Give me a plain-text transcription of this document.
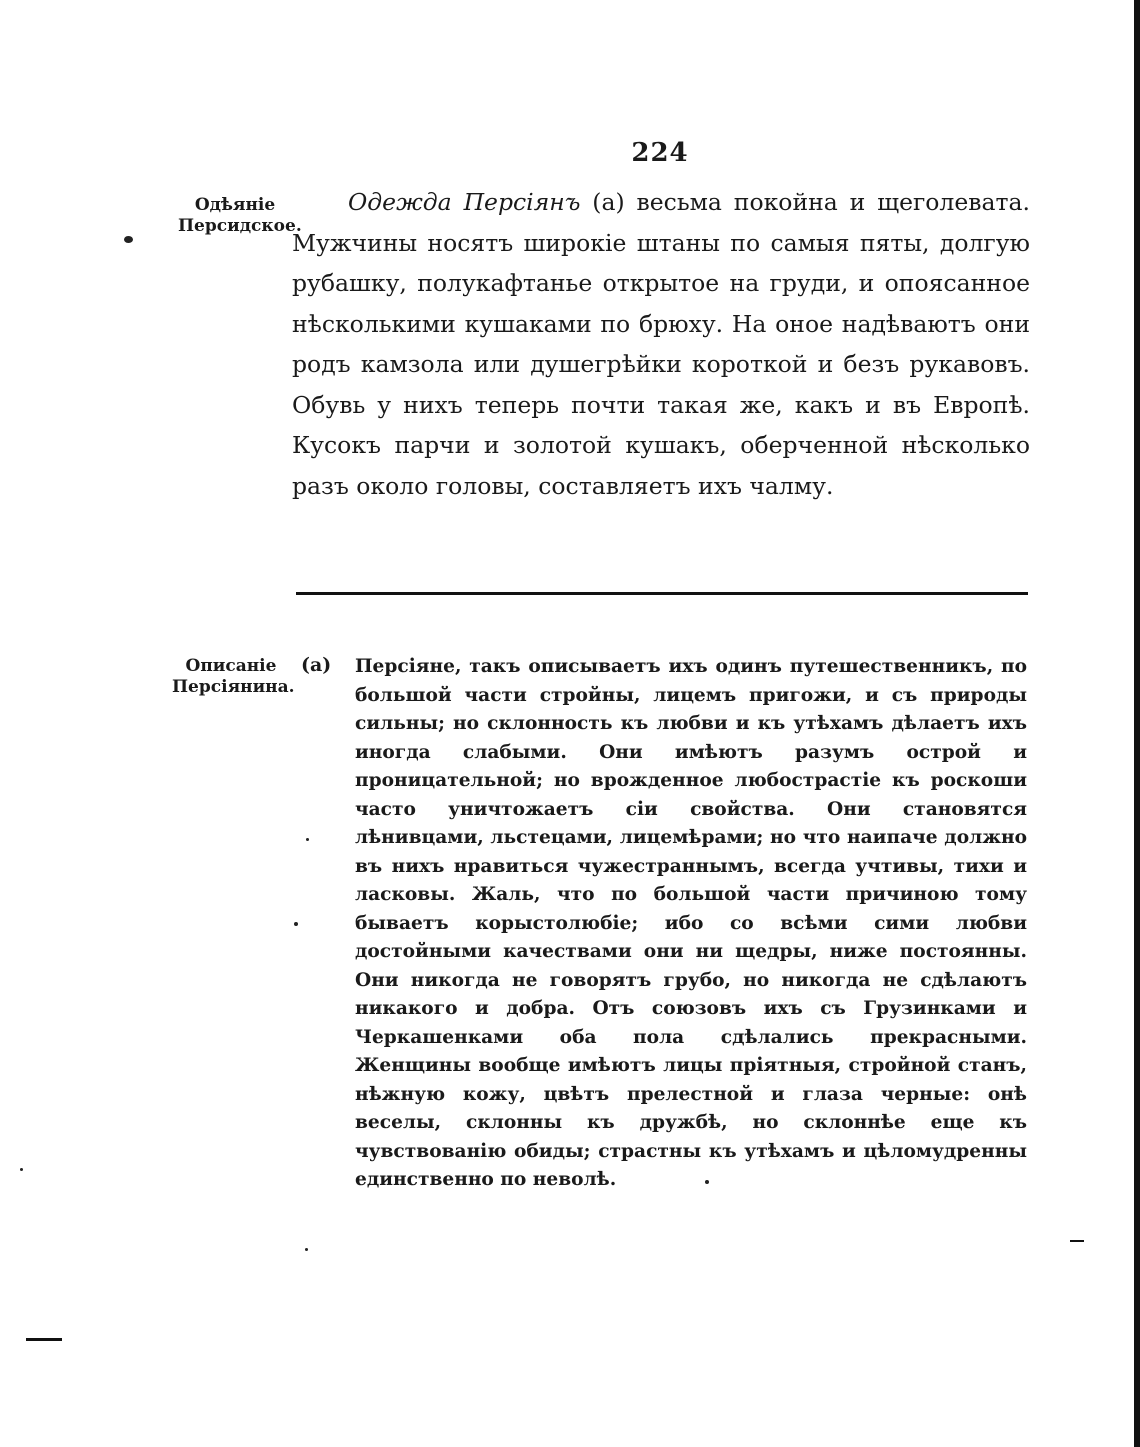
224
Одѣяніе Персидское.

Одежда Персіянъ (а) весьма покойна и щеголевата. Мужчины носятъ широкіе штаны по самыя пяты, долгую рубашку, полукафтанье открытое на груди, и опоясанное нѣсколькими кушаками по брюху. На оное надѣваютъ они родъ камзола или душегрѣйки короткой и безъ рукавовъ. Обувь у нихъ теперь почти такая же, какъ и въ Европѣ. Кусокъ парчи и золотой кушакъ, оберченной нѣсколько разъ около головы, составляетъ ихъ чалму.

Описаніе Персіянина.
(а) Персіяне, такъ описываетъ ихъ одинъ путешественникъ, по большой части стройны, лицемъ пригожи, и съ природы сильны; но склонность къ любви и къ утѣхамъ дѣлаетъ ихъ иногда слабыми. Они имѣютъ разумъ острой и проницательной; но врожденное любострастіе къ роскоши часто уничтожаетъ сіи свойства. Они становятся лѣнивцами, льстецами, лицемѣрами; но что наипаче должно въ нихъ нравиться чужестраннымъ, всегда учтивы, тихи и ласковы. Жаль, что по большой части причиною тому бываетъ корыстолюбіе; ибо со всѣми сими любви достойными качествами они ни щедры, ниже постоянны. Они никогда не говорятъ грубо, но никогда не сдѣлаютъ никакого и добра. Отъ союзовъ ихъ съ Грузинками и Черкашенками оба пола сдѣлались прекрасными. Женщины вообще имѣютъ лицы пріятныя, стройной станъ, нѣжную кожу, цвѣтъ прелестной и глаза черные: онѣ веселы, склонны къ дружбѣ, но склоннѣе еще къ чувствованію обиды; страстны къ утѣхамъ и цѣломудренны единственно по неволѣ.
